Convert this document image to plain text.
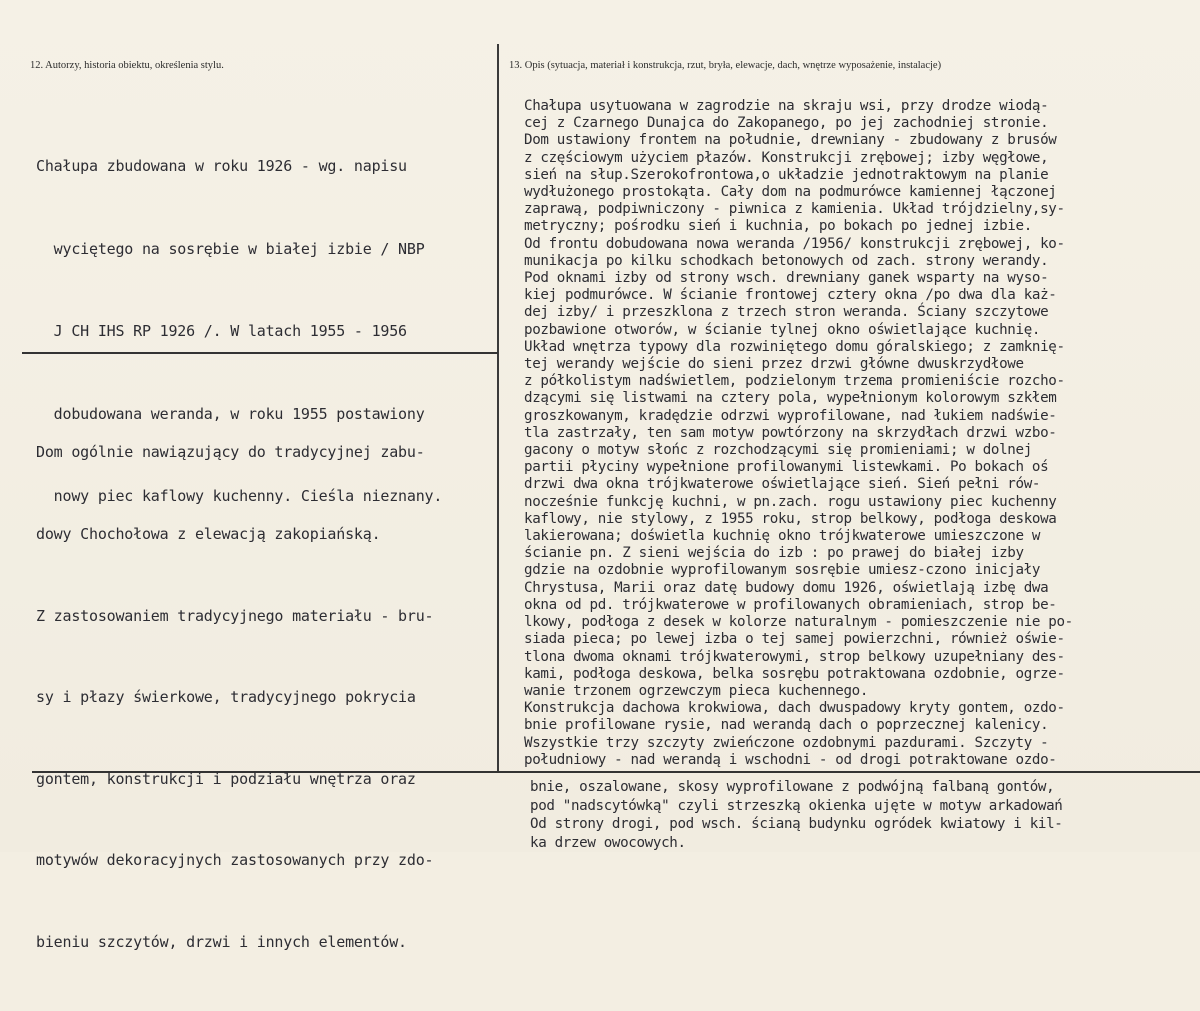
12. Autorzy, historia obiektu, określenia stylu.	13. Opis (sytuacja, materiał i konstrukcja, rzut, bryła, elewacje, dach, wnętrze wyposażenie, instalacje)

Chałupa zbudowana w roku 1926 - wg. napisu

wyciętego na sosrębie w białej izbie / NBP

J CH IHS RP 1926 /. W latach 1955 - 1956

dobudowana weranda, w roku 1955 postawiony

nowy piec kaflowy kuchenny. Cieśla nieznany.

Dom ogólnie nawiązujący do tradycyjnej zabu-

dowy Chochołowa z elewacją zakopiańską.

Z zastosowaniem tradycyjnego materiału - bru-

sy i płazy świerkowe, tradycyjnego pokrycia

gontem, konstrukcji i podziału wnętrza oraz

motywów dekoracyjnych zastosowanych przy zdo-

bieniu szczytów, drzwi i innych elementów.

Chałupa usytuowana w zagrodzie na skraju wsi, przy drodze wiodą-
cej z Czarnego Dunajca do Zakopanego, po jej zachodniej stronie.
Dom ustawiony frontem na południe, drewniany - zbudowany z brusów
z częściowym użyciem płazów. Konstrukcji zrębowej; izby węgłowe,
sień na słup.Szerokofrontowa,o układzie jednotraktowym na planie
wydłużonego prostokąta. Cały dom na podmurówce kamiennej łączonej
zaprawą, podpiwniczony - piwnica z kamienia. Układ trójdzielny,sy-
metryczny; pośrodku sień i kuchnia, po bokach po jednej izbie.
Od frontu dobudowana nowa weranda /1956/ konstrukcji zrębowej, ko-
munikacja po kilku schodkach betonowych od zach. strony werandy.
Pod oknami izby od strony wsch. drewniany ganek wsparty na wyso-
kiej podmurówce. W ścianie frontowej cztery okna /po dwa dla każ-
dej izby/ i przeszklona z trzech stron weranda. Ściany szczytowe
pozbawione otworów, w ścianie tylnej okno oświetlające kuchnię.
Układ wnętrza typowy dla rozwiniętego domu góralskiego; z zamknię-
tej werandy wejście do sieni przez drzwi główne dwuskrzydłowe
z półkolistym nadświetlem, podzielonym trzema promieniście rozcho-
dzącymi się listwami na cztery pola, wypełnionym kolorowym szkłem
groszkowanym, kradędzie odrzwi wyprofilowane, nad łukiem nadświe-
tla zastrzały, ten sam motyw powtórzony na skrzydłach drzwi wzbo-
gacony o motyw słońc z rozchodzącymi się promieniami; w dolnej
partii płyciny wypełnione profilowanymi listewkami. Po bokach oś
drzwi dwa okna trójkwaterowe oświetlające sień. Sień pełni rów-
nocześnie funkcję kuchni, w pn.zach. rogu ustawiony piec kuchenny
kaflowy, nie stylowy, z 1955 roku, strop belkowy, podłoga deskowa
lakierowana; doświetla kuchnię okno trójkwaterowe umieszczone w
ścianie pn. Z sieni wejścia do izb : po prawej do białej izby
gdzie na ozdobnie wyprofilowanym sosrębie umiesz-czono inicjały
Chrystusa, Marii oraz datę budowy domu 1926, oświetlają izbę dwa
okna od pd. trójkwaterowe w profilowanych obramieniach, strop be-
lkowy, podłoga z desek w kolorze naturalnym - pomieszczenie nie po-
siada pieca; po lewej izba o tej samej powierzchni, również oświe-
tlona dwoma oknami trójkwaterowymi, strop belkowy uzupełniany des-
kami, podłoga deskowa, belka sosrębu potraktowana ozdobnie, ogrze-
wanie trzonem ogrzewczym pieca kuchennego.
Konstrukcja dachowa krokwiowa, dach dwuspadowy kryty gontem, ozdo-
bnie profilowane rysie, nad werandą dach o poprzecznej kalenicy.
Wszystkie trzy szczyty zwieńczone ozdobnymi pazdurami. Szczyty -
południowy - nad werandą i wschodni - od drogi potraktowane ozdo-
bnie, oszalowane, skosy wyprofilowane z podwójną falbaną gontów,
pod "nadscytówką" czyli strzeszką okienka ujęte w motyw arkadowań
Od strony drogi, pod wsch. ścianą budynku ogródek kwiatowy i kil-
ka drzew owocowych.
